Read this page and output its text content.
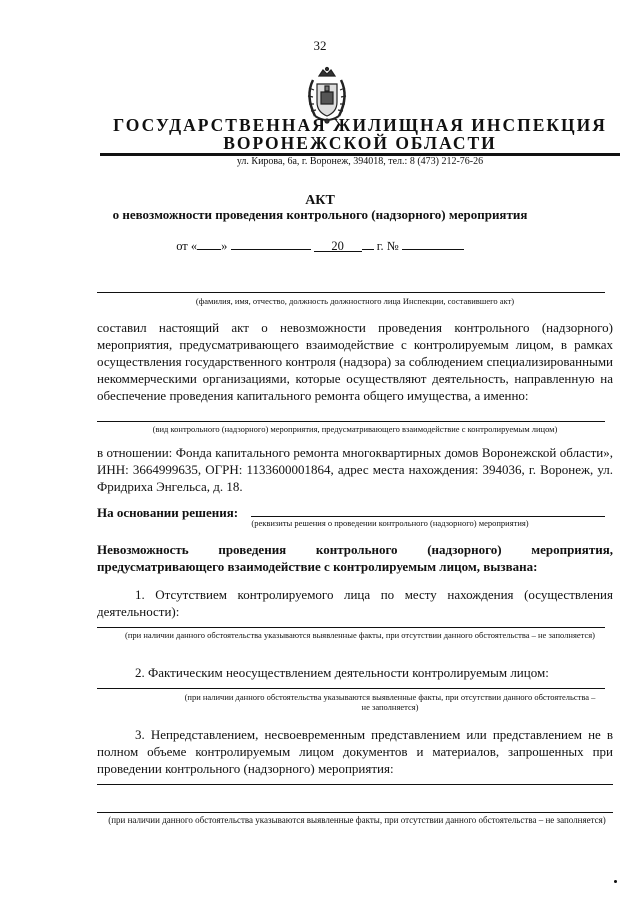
32
ГОСУДАРСТВЕННАЯ ЖИЛИЩНАЯ ИНСПЕКЦИЯ ВОРОНЕЖСКОЙ ОБЛАСТИ
ул. Кирова, 6а, г. Воронеж, 394018, тел.: 8 (473) 212-76-26
АКТ
о невозможности проведения контрольного (надзорного) мероприятия
от « »	20	г. №
(фамилия, имя, отчество, должность должностного лица Инспекции, составившего акт)
составил настоящий акт о невозможности проведения контрольного (надзорного) мероприятия, предусматривающего взаимодействие с контролируемым лицом, в рамках осуществления государственного контроля (надзора) за соблюдением специализированными некоммерческими организациями, которые осуществляют деятельность, направленную на обеспечение проведения капитального ремонта общего имущества, а именно:
(вид контрольного (надзорного) мероприятия, предусматривающего взаимодействие с контролируемым лицом)
в отношении: Фонда капитального ремонта многоквартирных домов Воронежской области», ИНН: 3664999635, ОГРН: 1133600001864, адрес места нахождения: 394036, г. Воронеж, ул. Фридриха Энгельса, д. 18.
На основании решения:
(реквизиты решения о проведении контрольного (надзорного) мероприятия)
Невозможность проведения контрольного (надзорного) мероприятия, предусматривающего взаимодействие с контролируемым лицом, вызвана:
1. Отсутствием контролируемого лица по месту нахождения (осуществления деятельности):
(при наличии данного обстоятельства указываются выявленные факты, при отсутствии данного обстоятельства – не заполняется)
2. Фактическим неосуществлением деятельности контролируемым лицом:
(при наличии данного обстоятельства указываются выявленные факты, при отсутствии данного обстоятельства – не заполняется)
3. Непредставлением, несвоевременным представлением или представлением не в полном объеме контролируемым лицом документов и материалов, запрошенных при проведении контрольного (надзорного) мероприятия:
(при наличии данного обстоятельства указываются выявленные факты, при отсутствии данного обстоятельства – не заполняется)
